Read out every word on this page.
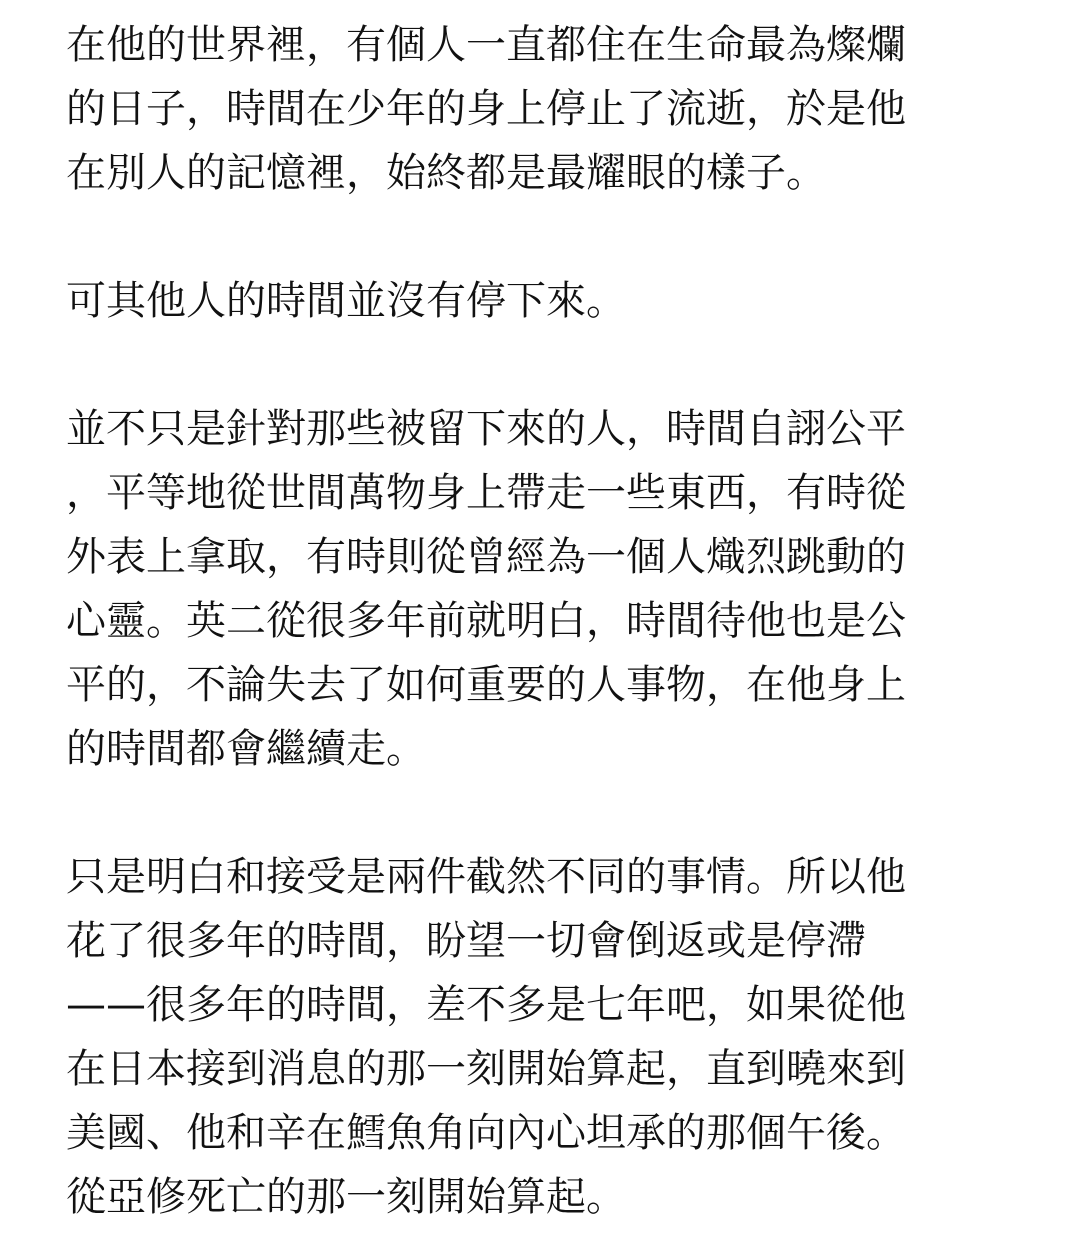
在他的世界裡，有個人一直都住在生命最為燦爛
的日子，時間在少年的身上停止了流逝，於是他
在別人的記憶裡，始終都是最耀眼的樣子。
可其他人的時間並沒有停下來。
並不只是針對那些被留下來的人，時間自詡公平
，平等地從世間萬物身上帶走一些東西，有時從
外表上拿取，有時則從曾經為一個人熾烈跳動的
心靈。英二從很多年前就明白，時間待他也是公
平的，不論失去了如何重要的人事物，在他身上
的時間都會繼續走。
只是明白和接受是兩件截然不同的事情。所以他
花了很多年的時間，盼望一切會倒返或是停滯
——很多年的時間，差不多是七年吧，如果從他
在日本接到消息的那一刻開始算起，直到曉來到
美國、他和辛在鱈魚角向內心坦承的那個午後。
從亞修死亡的那一刻開始算起。
